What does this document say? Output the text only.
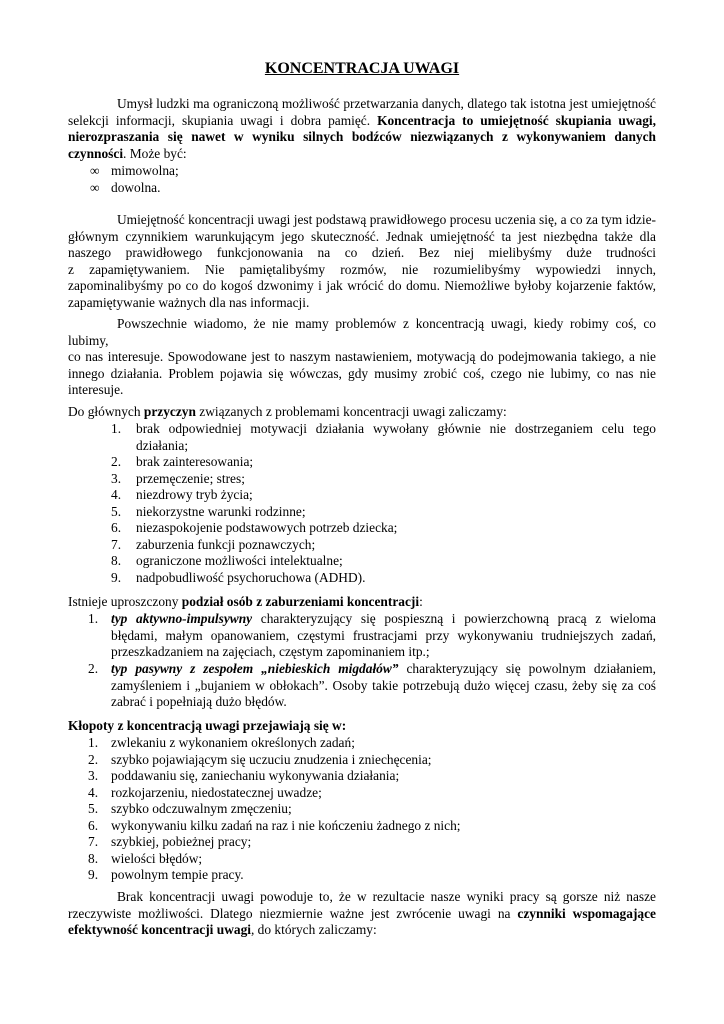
KONCENTRACJA UWAGI
Umysł ludzki ma ograniczoną możliwość przetwarzania danych, dlatego tak istotna jest umiejętność
selekcji informacji, skupiania uwagi i dobra pamięć. Koncentracja to umiejętność skupiania uwagi,
nierozpraszania się nawet w wyniku silnych bodźców niezwiązanych z wykonywaniem danych
czynności. Może być:
∞ mimowolna;
∞ dowolna.
Umiejętność koncentracji uwagi jest podstawą prawidłowego procesu uczenia się, a co za tym idzie-
głównym czynnikiem warunkującym jego skuteczność. Jednak umiejętność ta jest niezbędna także dla
naszego prawidłowego funkcjonowania na co dzień. Bez niej mielibyśmy duże trudności
z zapamiętywaniem. Nie pamiętalibyśmy rozmów, nie rozumielibyśmy wypowiedzi innych,
zapominalibyśmy po co do kogoś dzwonimy i jak wrócić do domu. Niemożliwe byłoby kojarzenie faktów,
zapamiętywanie ważnych dla nas informacji.
Powszechnie wiadomo, że nie mamy problemów z koncentracją uwagi, kiedy robimy coś, co lubimy,
co nas interesuje. Spowodowane jest to naszym nastawieniem, motywacją do podejmowania takiego, a nie
innego działania. Problem pojawia się wówczas, gdy musimy zrobić coś, czego nie lubimy, co nas nie
interesuje.
Do głównych przyczyn związanych z problemami koncentracji uwagi zaliczamy:
1.	brak odpowiedniej motywacji działania wywołany głównie nie dostrzeganiem celu tego
działania;
2.	brak zainteresowania;
3.	przemęczenie; stres;
4.	niezdrowy tryb życia;
5.	niekorzystne warunki rodzinne;
6.	niezaspokojenie podstawowych potrzeb dziecka;
7.	zaburzenia funkcji poznawczych;
8.	ograniczone możliwości intelektualne;
9.	nadpobudliwość psychoruchowa (ADHD).
Istnieje uproszczony podział osób z zaburzeniami koncentracji:
1. typ aktywno-impulsywny charakteryzujący się pospieszną i powierzchowną pracą z wieloma
błędami, małym opanowaniem, częstymi frustracjami przy wykonywaniu trudniejszych zadań,
przeszkadzaniem na zajęciach, częstym zapominaniem itp.;
2. typ pasywny z zespołem „niebieskich migdałów” charakteryzujący się powolnym działaniem,
zamyśleniem i „bujaniem w obłokach”. Osoby takie potrzebują dużo więcej czasu, żeby się za coś
zabrać i popełniają dużo błędów.
Kłopoty z koncentracją uwagi przejawiają się w:
1. zwlekaniu z wykonaniem określonych zadań;
2. szybko pojawiającym się uczuciu znudzenia i zniechęcenia;
3. poddawaniu się, zaniechaniu wykonywania działania;
4. rozkojarzeniu, niedostatecznej uwadze;
5. szybko odczuwalnym zmęczeniu;
6. wykonywaniu kilku zadań na raz i nie kończeniu żadnego z nich;
7. szybkiej, pobieżnej pracy;
8. wielości błędów;
9. powolnym tempie pracy.
Brak koncentracji uwagi powoduje to, że w rezultacie nasze wyniki pracy są gorsze niż nasze
rzeczywiste możliwości. Dlatego niezmiernie ważne jest zwrócenie uwagi na czynniki wspomagające
efektywność koncentracji uwagi, do których zaliczamy:
